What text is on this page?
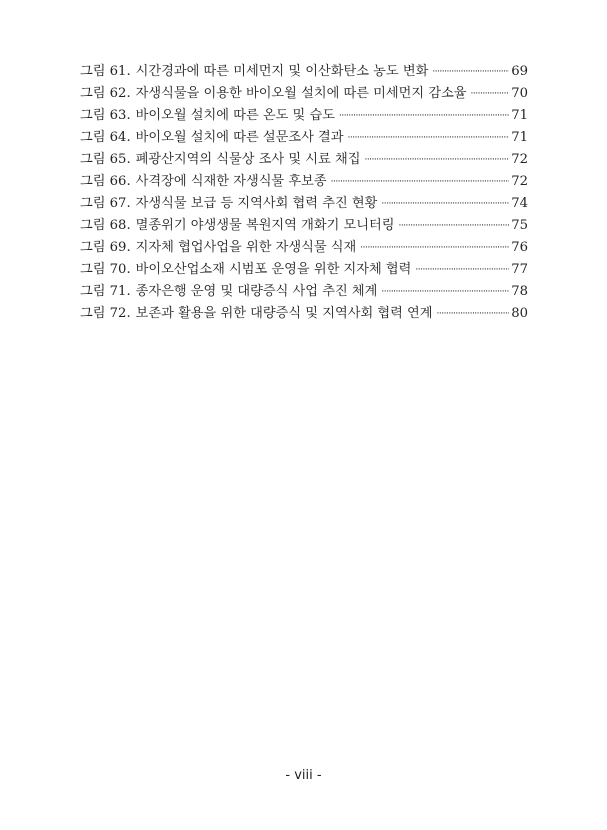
그림 61. 시간경과에 따른 미세먼지 및 이산화탄소 농도 변화 ·····	69
그림 62. 자생식물을 이용한 바이오월 설치에 따른 미세먼지 감소율 ·····	70
그림 63. 바이오월 설치에 따른 온도 및 습도 ·····	71
그림 64. 바이오월 설치에 따른 설문조사 결과 ·····	71
그림 65. 폐광산지역의 식물상 조사 및 시료 채집 ·····	72
그림 66. 사격장에 식재한 자생식물 후보종 ·····	72
그림 67. 자생식물 보급 등 지역사회 협력 추진 현황 ·····	74
그림 68. 멸종위기 야생생물 복원지역 개화기 모니터링 ·····	75
그림 69. 지자체 협업사업을 위한 자생식물 식재 ·····	76
그림 70. 바이오산업소재 시범포 운영을 위한 지자체 협력 ·····	77
그림 71. 종자은행 운영 및 대량증식 사업 추진 체계 ·····	78
그림 72. 보존과 활용을 위한 대량증식 및 지역사회 협력 연계 ·····	80
- viii -
